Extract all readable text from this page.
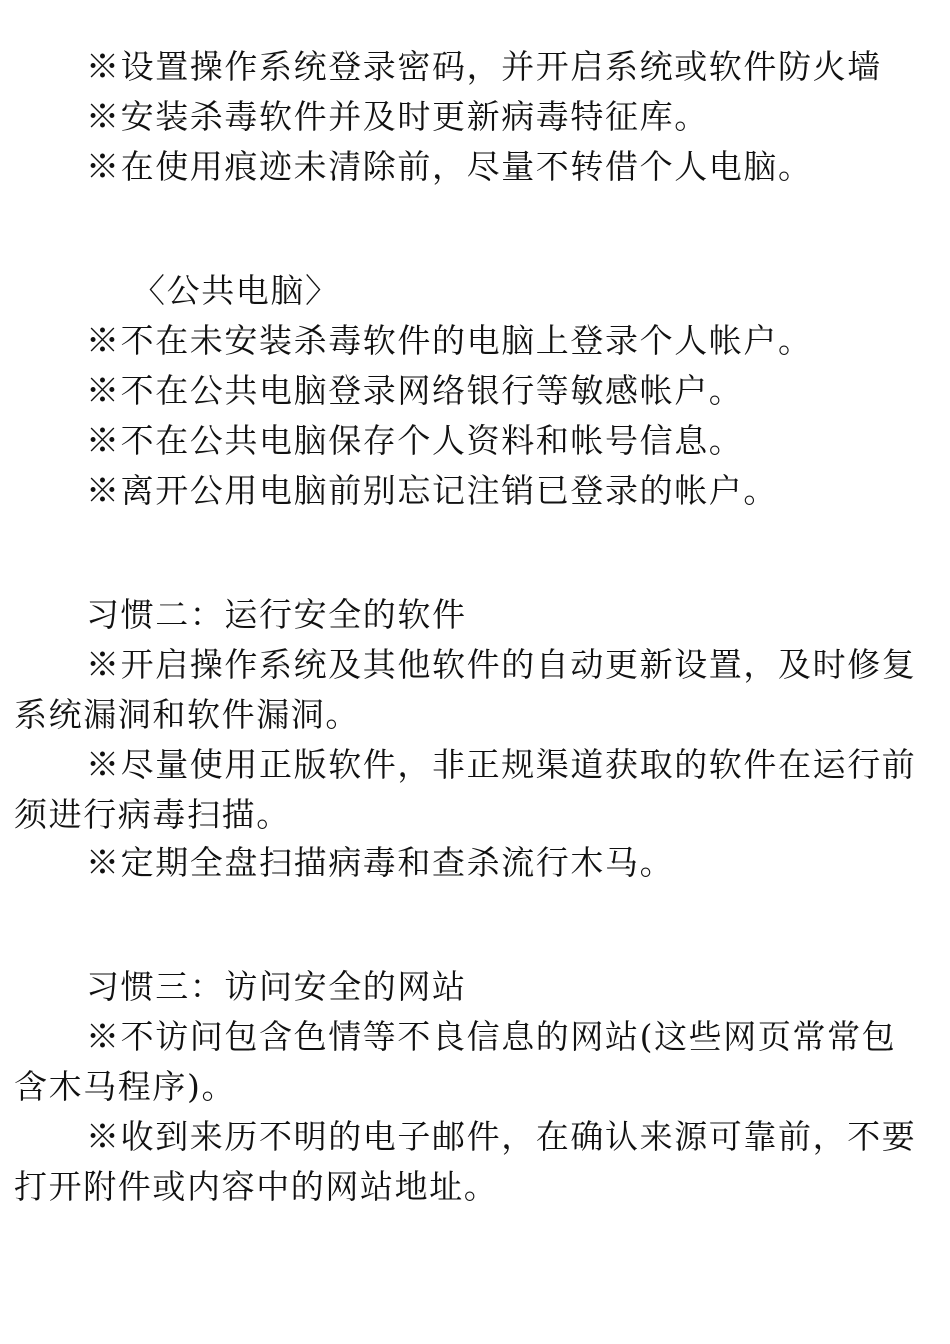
※设置操作系统登录密码，并开启系统或软件防火墙
※安装杀毒软件并及时更新病毒特征库。
※在使用痕迹未清除前，尽量不转借个人电脑。
〈公共电脑〉
※不在未安装杀毒软件的电脑上登录个人帐户。
※不在公共电脑登录网络银行等敏感帐户。
※不在公共电脑保存个人资料和帐号信息。
※离开公用电脑前别忘记注销已登录的帐户。
习惯二：运行安全的软件
※开启操作系统及其他软件的自动更新设置，及时修复
系统漏洞和软件漏洞。
※尽量使用正版软件，非正规渠道获取的软件在运行前
须进行病毒扫描。
※定期全盘扫描病毒和查杀流行木马。
习惯三：访问安全的网站
※不访问包含色情等不良信息的网站(这些网页常常包
含木马程序)。
※收到来历不明的电子邮件，在确认来源可靠前，不要
打开附件或内容中的网站地址。
